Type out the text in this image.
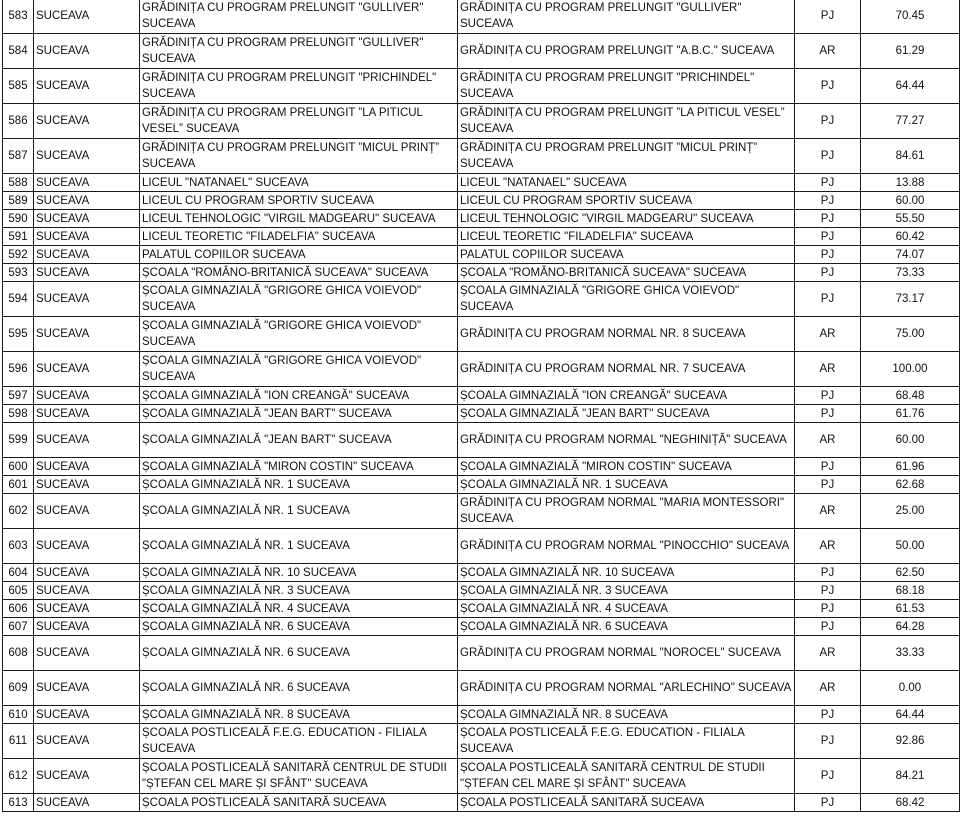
583	SUCEAVA	GRĂDINIȚA CU PROGRAM PRELUNGIT "GULLIVER" SUCEAVA	GRĂDINIȚA CU PROGRAM PRELUNGIT "GULLIVER" SUCEAVA	PJ	70.45
584	SUCEAVA	GRĂDINIȚA CU PROGRAM PRELUNGIT "GULLIVER" SUCEAVA	GRĂDINIȚA CU PROGRAM PRELUNGIT "A.B.C." SUCEAVA	AR	61.29
585	SUCEAVA	GRĂDINIȚA CU PROGRAM PRELUNGIT "PRICHINDEL" SUCEAVA	GRĂDINIȚA CU PROGRAM PRELUNGIT "PRICHINDEL" SUCEAVA	PJ	64.44
586	SUCEAVA	GRĂDINIȚA CU PROGRAM PRELUNGIT ”LA PITICUL VESEL” SUCEAVA	GRĂDINIȚA CU PROGRAM PRELUNGIT ”LA PITICUL VESEL” SUCEAVA	PJ	77.27
587	SUCEAVA	GRĂDINIȚA CU PROGRAM PRELUNGIT ”MICUL PRINȚ” SUCEAVA	GRĂDINIȚA CU PROGRAM PRELUNGIT ”MICUL PRINȚ” SUCEAVA	PJ	84.61
588	SUCEAVA	LICEUL "NATANAEL" SUCEAVA	LICEUL "NATANAEL" SUCEAVA	PJ	13.88
589	SUCEAVA	LICEUL CU PROGRAM SPORTIV SUCEAVA	LICEUL CU PROGRAM SPORTIV SUCEAVA	PJ	60.00
590	SUCEAVA	LICEUL TEHNOLOGIC "VIRGIL MADGEARU" SUCEAVA	LICEUL TEHNOLOGIC "VIRGIL MADGEARU" SUCEAVA	PJ	55.50
591	SUCEAVA	LICEUL TEORETIC "FILADELFIA" SUCEAVA	LICEUL TEORETIC "FILADELFIA" SUCEAVA	PJ	60.42
592	SUCEAVA	PALATUL COPIILOR SUCEAVA	PALATUL COPIILOR SUCEAVA	PJ	74.07
593	SUCEAVA	ȘCOALA "ROMÂNO-BRITANICĂ SUCEAVA" SUCEAVA	ȘCOALA "ROMÂNO-BRITANICĂ SUCEAVA" SUCEAVA	PJ	73.33
594	SUCEAVA	ȘCOALA GIMNAZIALĂ "GRIGORE GHICA VOIEVOD" SUCEAVA	ȘCOALA GIMNAZIALĂ "GRIGORE GHICA VOIEVOD" SUCEAVA	PJ	73.17
595	SUCEAVA	ȘCOALA GIMNAZIALĂ "GRIGORE GHICA VOIEVOD" SUCEAVA	GRĂDINIȚA CU PROGRAM NORMAL NR. 8 SUCEAVA	AR	75.00
596	SUCEAVA	ȘCOALA GIMNAZIALĂ "GRIGORE GHICA VOIEVOD" SUCEAVA	GRĂDINIȚA CU PROGRAM NORMAL NR. 7 SUCEAVA	AR	100.00
597	SUCEAVA	ȘCOALA GIMNAZIALĂ "ION CREANGĂ" SUCEAVA	ȘCOALA GIMNAZIALĂ "ION CREANGĂ" SUCEAVA	PJ	68.48
598	SUCEAVA	ȘCOALA GIMNAZIALĂ "JEAN BART" SUCEAVA	ȘCOALA GIMNAZIALĂ "JEAN BART" SUCEAVA	PJ	61.76
599	SUCEAVA	ȘCOALA GIMNAZIALĂ "JEAN BART" SUCEAVA	GRĂDINIȚA CU PROGRAM NORMAL "NEGHINIȚĂ" SUCEAVA	AR	60.00
600	SUCEAVA	ȘCOALA GIMNAZIALĂ "MIRON COSTIN" SUCEAVA	ȘCOALA GIMNAZIALĂ "MIRON COSTIN" SUCEAVA	PJ	61.96
601	SUCEAVA	ȘCOALA GIMNAZIALĂ NR. 1 SUCEAVA	ȘCOALA GIMNAZIALĂ NR. 1 SUCEAVA	PJ	62.68
602	SUCEAVA	ȘCOALA GIMNAZIALĂ NR. 1 SUCEAVA	GRĂDINIȚA CU PROGRAM NORMAL "MARIA MONTESSORI" SUCEAVA	AR	25.00
603	SUCEAVA	ȘCOALA GIMNAZIALĂ NR. 1 SUCEAVA	GRĂDINIȚA CU PROGRAM NORMAL "PINOCCHIO" SUCEAVA	AR	50.00
604	SUCEAVA	ȘCOALA GIMNAZIALĂ NR. 10 SUCEAVA	ȘCOALA GIMNAZIALĂ NR. 10 SUCEAVA	PJ	62.50
605	SUCEAVA	ȘCOALA GIMNAZIALĂ NR. 3 SUCEAVA	ȘCOALA GIMNAZIALĂ NR. 3 SUCEAVA	PJ	68.18
606	SUCEAVA	ȘCOALA GIMNAZIALĂ NR. 4 SUCEAVA	ȘCOALA GIMNAZIALĂ NR. 4 SUCEAVA	PJ	61.53
607	SUCEAVA	ȘCOALA GIMNAZIALĂ NR. 6 SUCEAVA	ȘCOALA GIMNAZIALĂ NR. 6 SUCEAVA	PJ	64.28
608	SUCEAVA	ȘCOALA GIMNAZIALĂ NR. 6 SUCEAVA	GRĂDINIȚA CU PROGRAM NORMAL "NOROCEL" SUCEAVA	AR	33.33
609	SUCEAVA	ȘCOALA GIMNAZIALĂ NR. 6 SUCEAVA	GRĂDINIȚA CU PROGRAM NORMAL "ARLECHINO" SUCEAVA	AR	0.00
610	SUCEAVA	ȘCOALA GIMNAZIALĂ NR. 8 SUCEAVA	ȘCOALA GIMNAZIALĂ NR. 8 SUCEAVA	PJ	64.44
611	SUCEAVA	ȘCOALA POSTLICEALĂ F.E.G. EDUCATION - FILIALA SUCEAVA	ȘCOALA POSTLICEALĂ F.E.G. EDUCATION - FILIALA SUCEAVA	PJ	92.86
612	SUCEAVA	ȘCOALA POSTLICEALĂ SANITARĂ CENTRUL DE STUDII "ȘTEFAN CEL MARE ȘI SFÂNT" SUCEAVA	ȘCOALA POSTLICEALĂ SANITARĂ CENTRUL DE STUDII "ȘTEFAN CEL MARE ȘI SFÂNT" SUCEAVA	PJ	84.21
613	SUCEAVA	ȘCOALA POSTLICEALĂ SANITARĂ SUCEAVA	ȘCOALA POSTLICEALĂ SANITARĂ SUCEAVA	PJ	68.42
